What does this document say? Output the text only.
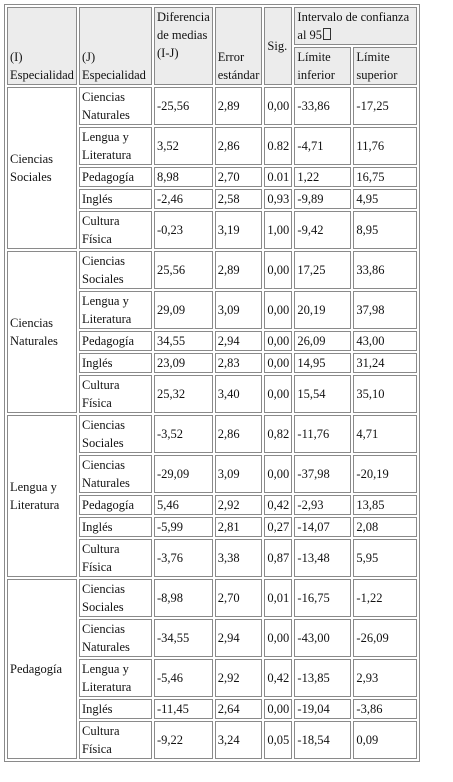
(I) Especialidad	(J) Especialidad	Diferencia de medias (I-J)	Error estándar	Sig.	Intervalo de confianza al 95	
					Límite inferior	Límite superior
Ciencias Sociales	Ciencias Naturales	-25,56	2,89	0,00	-33,86	-17,25
	Lengua y Literatura	3,52	2,86	0.82	-4,71	11,76
	Pedagogía	8,98	2,70	0.01	1,22	16,75
	Inglés	-2,46	2,58	0,93	-9,89	4,95
	Cultura Física	-0,23	3,19	1,00	-9,42	8,95
Ciencias Naturales	Ciencias Sociales	25,56	2,89	0,00	17,25	33,86
	Lengua y Literatura	29,09	3,09	0,00	20,19	37,98
	Pedagogía	34,55	2,94	0,00	26,09	43,00
	Inglés	23,09	2,83	0,00	14,95	31,24
	Cultura Física	25,32	3,40	0,00	15,54	35,10
Lengua y Literatura	Ciencias Sociales	-3,52	2,86	0,82	-11,76	4,71
	Ciencias Naturales	-29,09	3,09	0,00	-37,98	-20,19
	Pedagogía	5,46	2,92	0,42	-2,93	13,85
	Inglés	-5,99	2,81	0,27	-14,07	2,08
	Cultura Física	-3,76	3,38	0,87	-13,48	5,95
Pedagogía	Ciencias Sociales	-8,98	2,70	0,01	-16,75	-1,22
	Ciencias Naturales	-34,55	2,94	0,00	-43,00	-26,09
	Lengua y Literatura	-5,46	2,92	0,42	-13,85	2,93
	Inglés	-11,45	2,64	0,00	-19,04	-3,86
	Cultura Física	-9,22	3,24	0,05	-18,54	0,09
